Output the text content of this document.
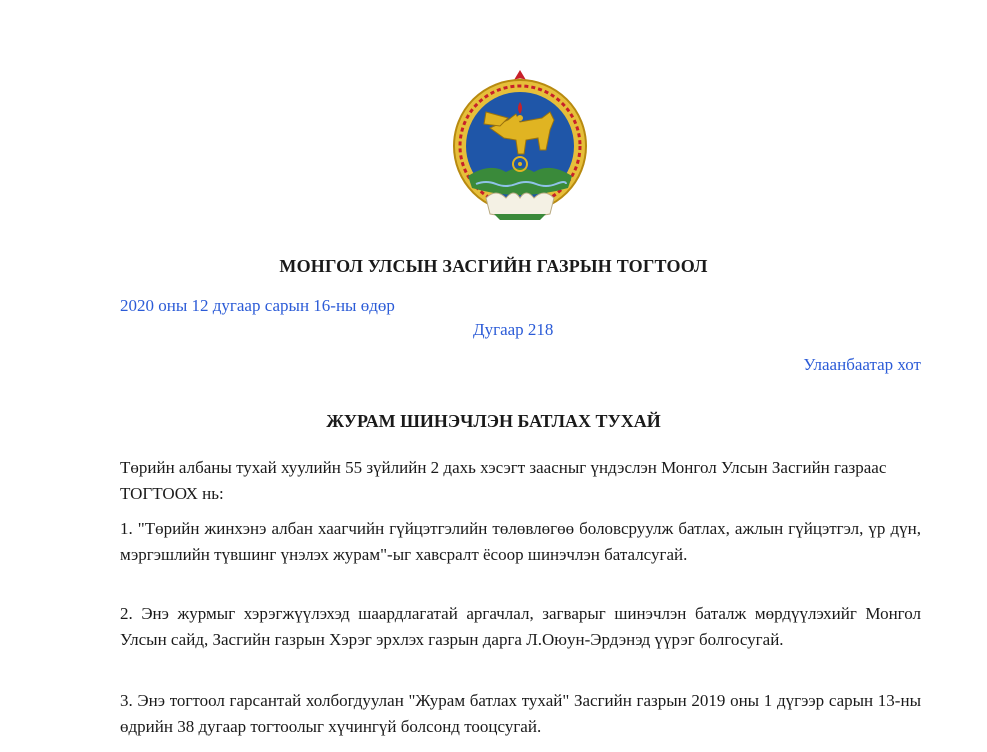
МОНГОЛ УЛСЫН ЗАСГИЙН ГАЗРЫН ТОГТООЛ
2020 оны 12 дугаар сарын 16-ны өдөр
Дугаар 218
Улаанбаатар хот
ЖУРАМ ШИНЭЧЛЭН БАТЛАХ ТУХАЙ
Төрийн албаны тухай хуулийн 55 зүйлийн 2 дахь хэсэгт заасныг үндэслэн Монгол Улсын Засгийн газраас ТОГТООХ нь:
1. "Төрийн жинхэнэ албан хаагчийн гүйцэтгэлийн төлөвлөгөө боловсруулж батлах, ажлын гүйцэтгэл, үр дүн, мэргэшлийн түвшинг үнэлэх журам"-ыг хавсралт ёсоор шинэчлэн баталсугай.
2. Энэ журмыг хэрэгжүүлэхэд шаардлагатай аргачлал, загварыг шинэчлэн баталж мөрдүүлэхийг Монгол Улсын сайд, Засгийн газрын Хэрэг эрхлэх газрын дарга Л.Оюун-Эрдэнэд үүрэг болгосугай.
3. Энэ тогтоол гарсантай холбогдуулан "Журам батлах тухай" Засгийн газрын 2019 оны 1 дүгээр сарын 13-ны өдрийн 38 дугаар тогтоолыг хүчингүй болсонд тооцсугай.
